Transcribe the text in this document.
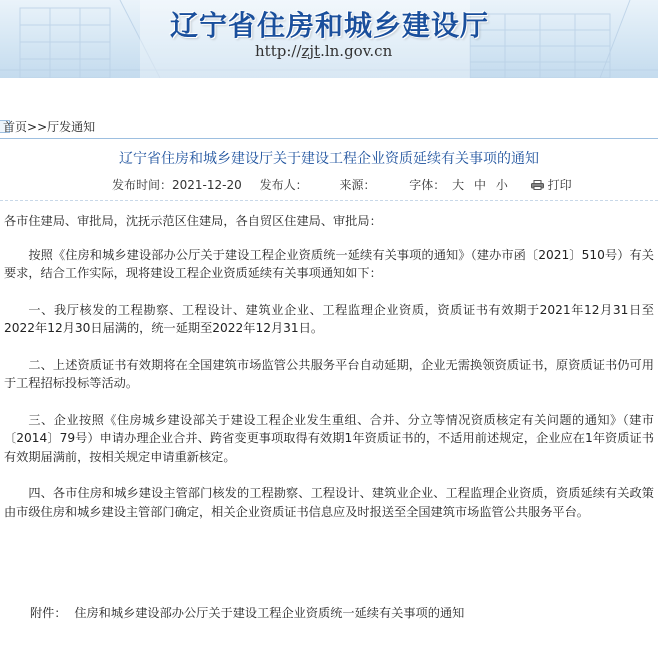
辽宁省住房和城乡建设厅
http://zjt.ln.gov.cn
首页>>厅发通知
辽宁省住房和城乡建设厅关于建设工程企业资质延续有关事项的通知
发布时间：2021-12-20 发布人：	来源：	字体： 大 中 小	打印

各市住建局、审批局，沈抚示范区住建局，各自贸区住建局、审批局：

按照《住房和城乡建设部办公厅关于建设工程企业资质统一延续有关事项的通知》（建办市函〔2021〕510号）有关要求，结合工作实际，现将建设工程企业资质延续有关事项通知如下：

一、我厅核发的工程勘察、工程设计、建筑业企业、工程监理企业资质，资质证书有效期于2021年12月31日至2022年12月30日届满的，统一延期至2022年12月31日。

二、上述资质证书有效期将在全国建筑市场监管公共服务平台自动延期，企业无需换领资质证书，原资质证书仍可用于工程招标投标等活动。

三、企业按照《住房城乡建设部关于建设工程企业发生重组、合并、分立等情况资质核定有关问题的通知》（建市〔2014〕79号）申请办理企业合并、跨省变更事项取得有效期1年资质证书的，不适用前述规定，企业应在1年资质证书有效期届满前，按相关规定申请重新核定。

四、各市住房和城乡建设主管部门核发的工程勘察、工程设计、建筑业企业、工程监理企业资质，资质延续有关政策由市级住房和城乡建设主管部门确定，相关企业资质证书信息应及时报送至全国建筑市场监管公共服务平台。

附件： 住房和城乡建设部办公厅关于建设工程企业资质统一延续有关事项的通知
